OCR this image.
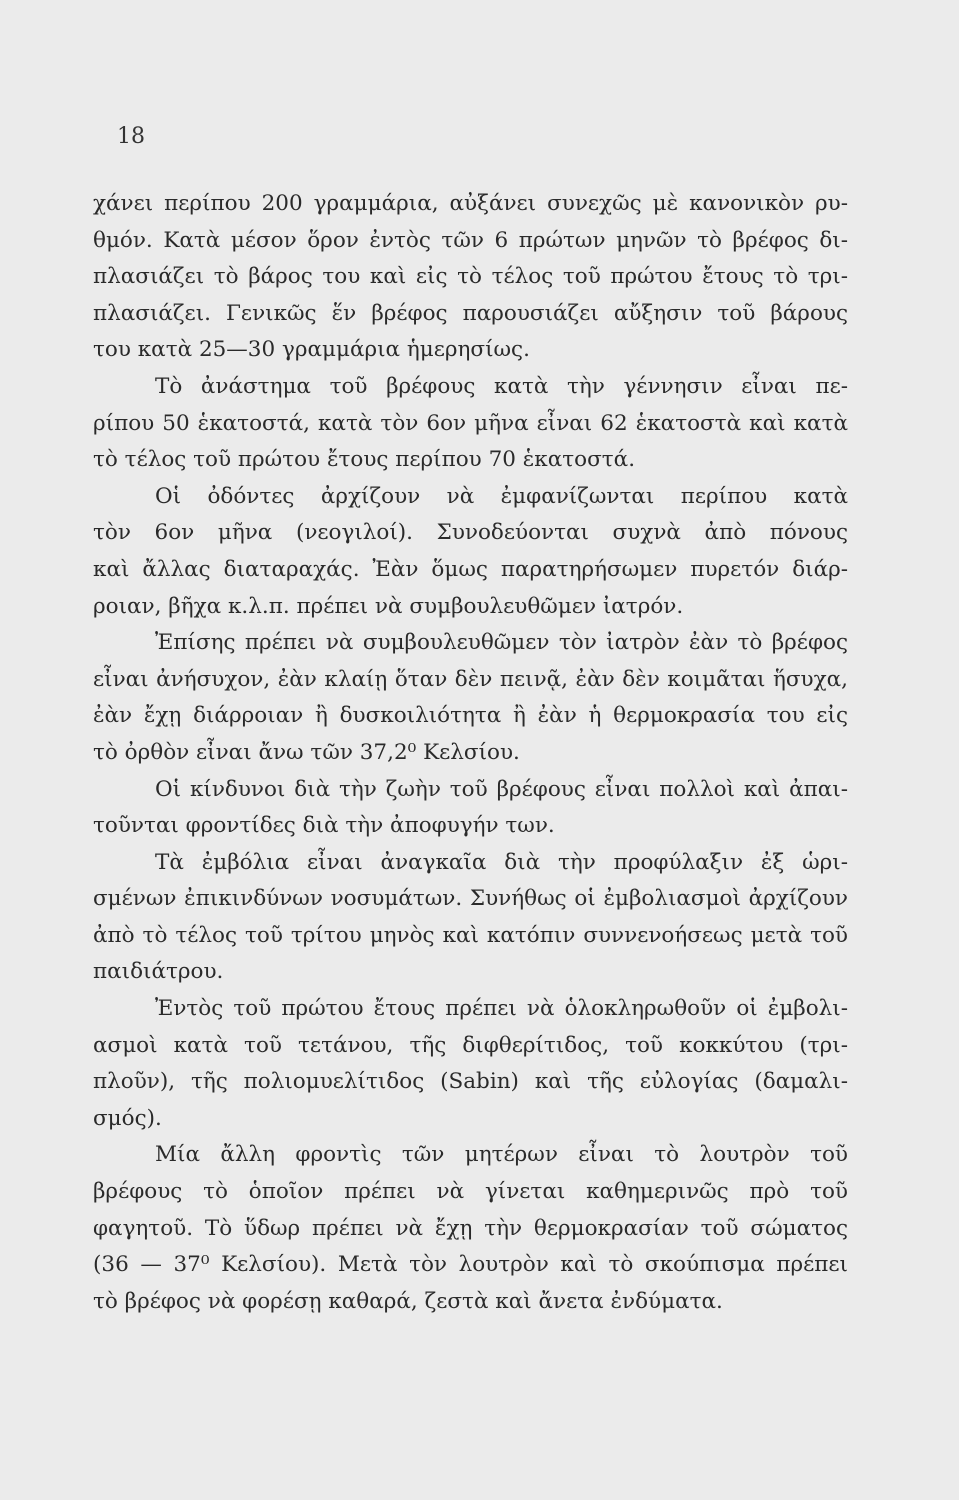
18
χάνει περίπου 200 γραμμάρια, αὐξάνει συνεχῶς μὲ κανονικὸν ρυ-
θμόν. Κατὰ μέσον ὅρον ἐντὸς τῶν 6 πρώτων μηνῶν τὸ βρέφος δι-
πλασιάζει τὸ βάρος του καὶ εἰς τὸ τέλος τοῦ πρώτου ἔτους τὸ τρι-
πλασιάζει. Γενικῶς ἕν βρέφος παρουσιάζει αὔξησιν τοῦ βάρους
του κατὰ 25—30 γραμμάρια ἡμερησίως.
Τὸ ἀνάστημα τοῦ βρέφους κατὰ τὴν γέννησιν εἶναι πε-
ρίπου 50 ἑκατοστά, κατὰ τὸν 6ον μῆνα εἶναι 62 ἑκατοστὰ καὶ κατὰ
τὸ τέλος τοῦ πρώτου ἔτους περίπου 70 ἑκατοστά.
Οἱ ὀδόντες ἀρχίζουν νὰ ἐμφανίζωνται περίπου κατὰ
τὸν 6ον μῆνα (νεογιλοί). Συνοδεύονται συχνὰ ἀπὸ πόνους
καὶ ἄλλας διαταραχάς. Ἐὰν ὅμως παρατηρήσωμεν πυρετόν διάρ-
ροιαν, βῆχα κ.λ.π. πρέπει νὰ συμβουλευθῶμεν ἰατρόν.
Ἐπίσης πρέπει νὰ συμβουλευθῶμεν τὸν ἰατρὸν ἐὰν τὸ βρέφος
εἶναι ἀνήσυχον, ἐὰν κλαίῃ ὅταν δὲν πεινᾷ, ἐὰν δὲν κοιμᾶται ἥσυχα,
ἐὰν ἔχῃ διάρροιαν ἢ δυσκοιλιότητα ἢ ἐὰν ἡ θερμοκρασία του εἰς
τὸ ὀρθὸν εἶναι ἄνω τῶν 37,2⁰ Κελσίου.
Οἱ κίνδυνοι διὰ τὴν ζωὴν τοῦ βρέφους εἶναι πολλοὶ καὶ ἀπαι-
τοῦνται φροντίδες διὰ τὴν ἀποφυγήν των.
Τὰ ἐμβόλια εἶναι ἀναγκαῖα διὰ τὴν προφύλαξιν ἐξ ὡρι-
σμένων ἐπικινδύνων νοσυμάτων. Συνήθως οἱ ἐμβολιασμοὶ ἀρχίζουν
ἀπὸ τὸ τέλος τοῦ τρίτου μηνὸς καὶ κατόπιν συννενοήσεως μετὰ τοῦ
παιδιάτρου.
Ἐντὸς τοῦ πρώτου ἔτους πρέπει νὰ ὁλοκληρωθοῦν οἱ ἐμβολι-
ασμοὶ κατὰ τοῦ τετάνου, τῆς διφθερίτιδος, τοῦ κοκκύτου (τρι-
πλοῦν), τῆς πολιομυελίτιδος (Sabin) καὶ τῆς εὐλογίας (δαμαλι-
σμός).
Μία ἄλλη φροντὶς τῶν μητέρων εἶναι τὸ λουτρὸν τοῦ
βρέφους τὸ ὁποῖον πρέπει νὰ γίνεται καθημερινῶς πρὸ τοῦ
φαγητοῦ. Τὸ ὕδωρ πρέπει νὰ ἔχῃ τὴν θερμοκρασίαν τοῦ σώματος
(36 — 37⁰ Κελσίου). Μετὰ τὸν λουτρὸν καὶ τὸ σκούπισμα πρέπει
τὸ βρέφος νὰ φορέσῃ καθαρά, ζεστὰ καὶ ἄνετα ἐνδύματα.
